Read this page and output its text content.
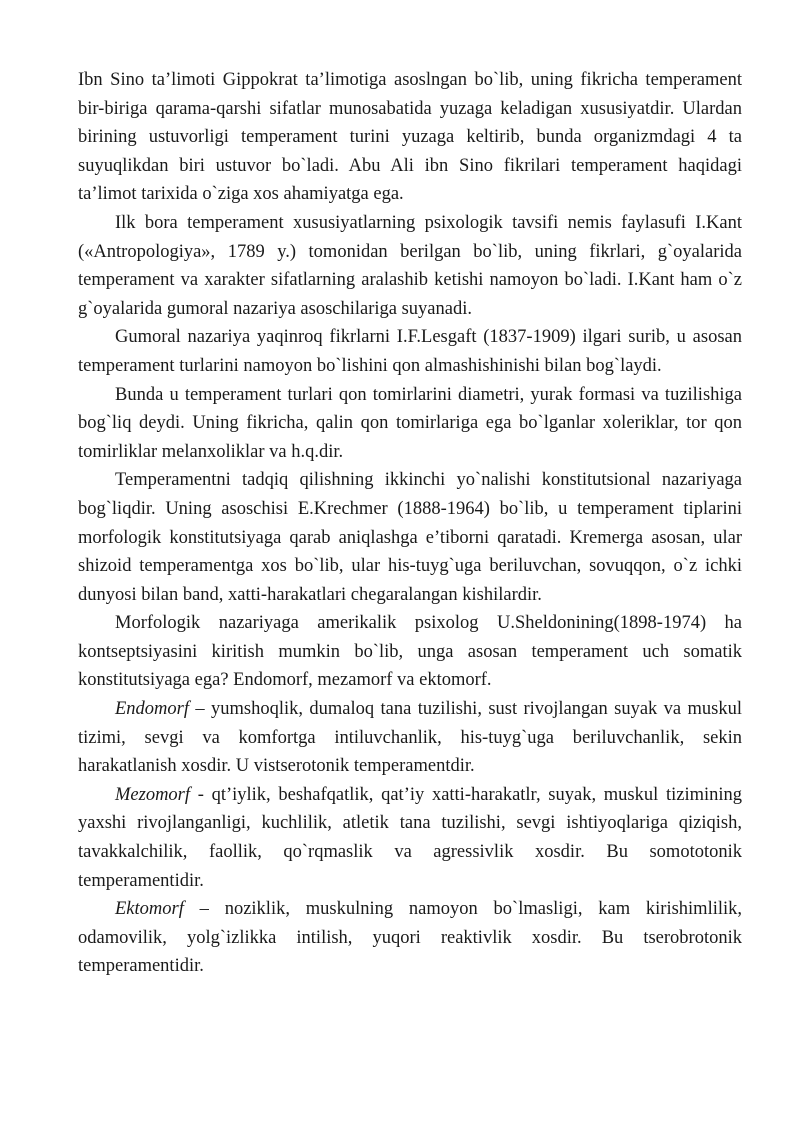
Ibn Sino ta’limoti Gippokrat ta’limotiga asoslngan bo`lib, uning fikricha temperament bir-biriga qarama-qarshi sifatlar munosabatida yuzaga keladigan xususiyatdir. Ulardan birining ustuvorligi temperament turini yuzaga keltirib, bunda organizmdagi 4 ta suyuqlikdan biri ustuvor bo`ladi. Abu Ali ibn Sino fikrilari temperament haqidagi ta’limot tarixida o`ziga xos ahamiyatga ega.

Ilk bora temperament xususiyatlarning psixologik tavsifi nemis faylasufi I.Kant («Antropologiya», 1789 y.) tomonidan berilgan bo`lib, uning fikrlari, g`oyalarida temperament va xarakter sifatlarning aralashib ketishi namoyon bo`ladi. I.Kant ham o`z g`oyalarida gumoral nazariya asoschilariga suyanadi.

Gumoral nazariya yaqinroq fikrlarni I.F.Lesgaft (1837-1909) ilgari surib, u asosan temperament turlarini namoyon bo`lishini qon almashishinishi bilan bog`laydi.

Bunda u temperament turlari qon tomirlarini diametri, yurak formasi va tuzilishiga bog`liq deydi. Uning fikricha, qalin qon tomirlariga ega bo`lganlar xoleriklar, tor qon tomirliklar melanxoliklar va h.q.dir.

Temperamentni tadqiq qilishning ikkinchi yo`nalishi konstitutsional nazariyaga bog`liqdir. Uning asoschisi E.Krechmer (1888-1964) bo`lib, u temperament tiplarini morfologik konstitutsiyaga qarab aniqlashga e’tiborni qaratadi. Kremerga asosan, ular shizoid temperamentga xos bo`lib, ular his-tuyg`uga beriluvchan, sovuqqon, o`z ichki dunyosi bilan band, xatti-harakatlari chegaralangan kishilardir.

Morfologik nazariyaga amerikalik psixolog U.Sheldonining(1898-1974) ha kontseptsiyasini kiritish mumkin bo`lib, unga asosan temperament uch somatik konstitutsiyaga ega? Endomorf, mezamorf va ektomorf.

Endomorf – yumshoqlik, dumaloq tana tuzilishi, sust rivojlangan suyak va muskul tizimi, sevgi va komfortga intiluvchanlik, his-tuyg`uga beriluvchanlik, sekin harakatlanish xosdir. U vistserotonik temperamentdir.

Mezomorf - qt’iylik, beshafqatlik, qat’iy xatti-harakatlr, suyak, muskul tizimining yaxshi rivojlanganligi, kuchlilik, atletik tana tuzilishi, sevgi ishtiyoqlariga qiziqish, tavakkalchilik, faollik, qo`rqmaslik va agressivlik xosdir. Bu somototonik temperamentidir.

Ektomorf – noziklik, muskulning namoyon bo`lmasligi, kam kirishimlilik, odamovilik, yolg`izlikka intilish, yuqori reaktivlik xosdir. Bu tserobrotonik temperamentidir.
